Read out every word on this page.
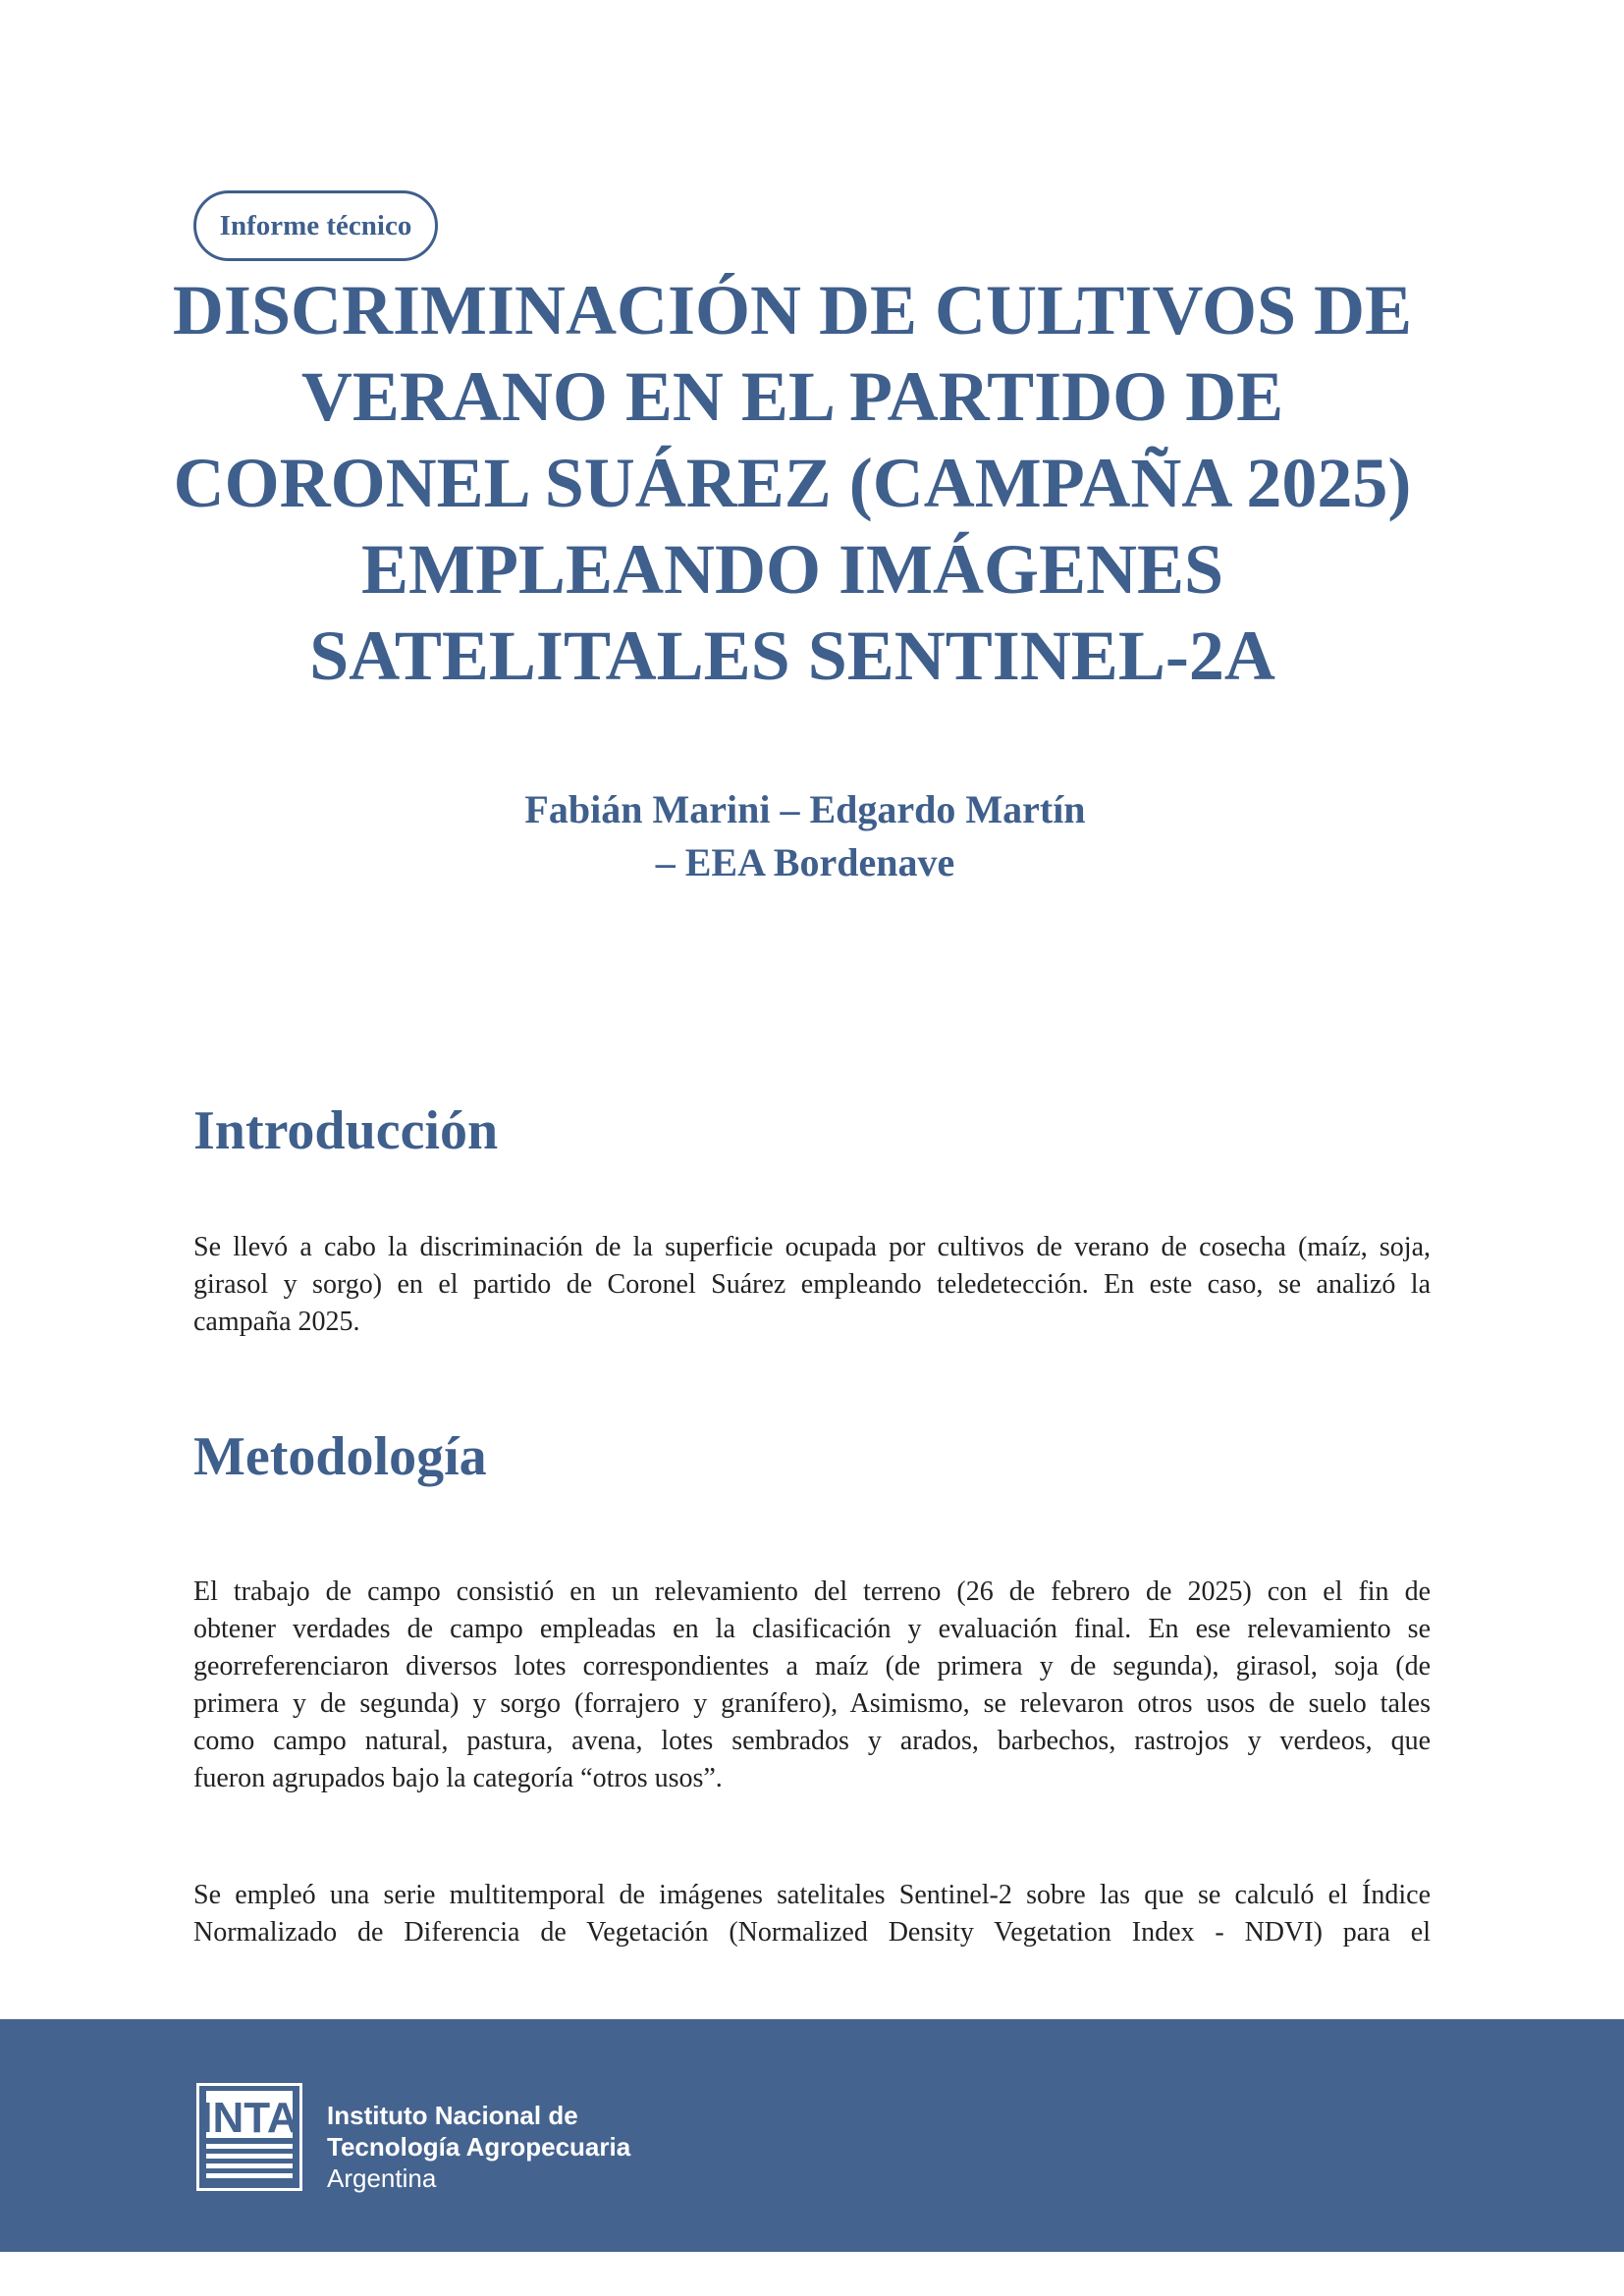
Informe técnico
DISCRIMINACIÓN DE CULTIVOS DE
VERANO EN EL PARTIDO DE
CORONEL SUÁREZ (CAMPAÑA 2025)
EMPLEANDO IMÁGENES
SATELITALES SENTINEL-2A
Fabián Marini – Edgardo Martín
– EEA Bordenave
Introducción
Se llevó a cabo la discriminación de la superficie ocupada por cultivos de verano de cosecha (maíz, soja,
girasol y sorgo) en el partido de Coronel Suárez empleando teledetección. En este caso, se analizó la
campaña 2025.
Metodología
El trabajo de campo consistió en un relevamiento del terreno (26 de febrero de 2025) con el fin de
obtener verdades de campo empleadas en la clasificación y evaluación final. En ese relevamiento se
georreferenciaron diversos lotes correspondientes a maíz (de primera y de segunda), girasol, soja (de
primera y de segunda) y sorgo (forrajero y granífero), Asimismo, se relevaron otros usos de suelo tales
como campo natural, pastura, avena, lotes sembrados y arados, barbechos, rastrojos y verdeos, que
fueron agrupados bajo la categoría “otros usos”.
Se empleó una serie multitemporal de imágenes satelitales Sentinel-2 sobre las que se calculó el Índice
Normalizado de Diferencia de Vegetación (Normalized Density Vegetation Index - NDVI) para el
INTA Instituto Nacional de
Tecnología Agropecuaria
Argentina
